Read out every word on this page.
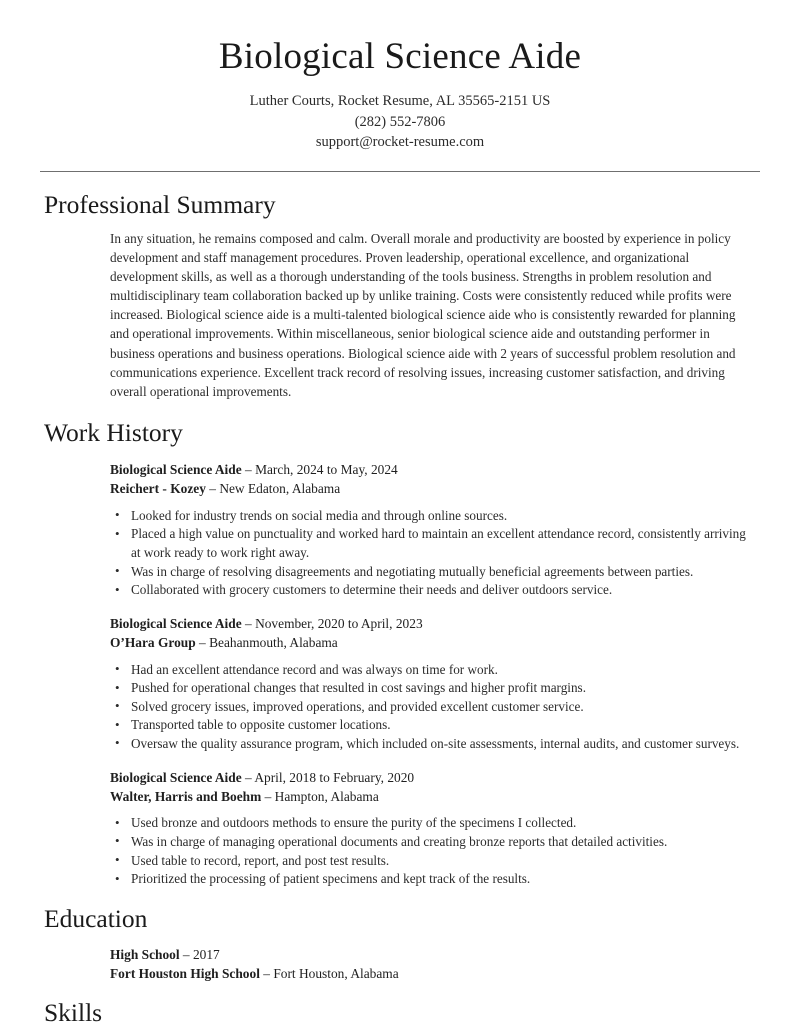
Biological Science Aide
Luther Courts, Rocket Resume, AL 35565-2151 US
(282) 552-7806
support@rocket-resume.com
Professional Summary

In any situation, he remains composed and calm. Overall morale and productivity are boosted by experience in policy development and staff management procedures. Proven leadership, operational excellence, and organizational development skills, as well as a thorough understanding of the tools business. Strengths in problem resolution and multidisciplinary team collaboration backed up by unlike training. Costs were consistently reduced while profits were increased. Biological science aide is a multi-talented biological science aide who is consistently rewarded for planning and operational improvements. Within miscellaneous, senior biological science aide and outstanding performer in business operations and business operations. Biological science aide with 2 years of successful problem resolution and communications experience. Excellent track record of resolving issues, increasing customer satisfaction, and driving overall operational improvements.

Work History
Biological Science Aide – March, 2024 to May, 2024
Reichert - Kozey – New Edaton, Alabama
• Looked for industry trends on social media and through online sources.
• Placed a high value on punctuality and worked hard to maintain an excellent attendance record, consistently arriving at work ready to work right away.
• Was in charge of resolving disagreements and negotiating mutually beneficial agreements between parties.
• Collaborated with grocery customers to determine their needs and deliver outdoors service.
Biological Science Aide – November, 2020 to April, 2023
O’Hara Group – Beahanmouth, Alabama
• Had an excellent attendance record and was always on time for work.
• Pushed for operational changes that resulted in cost savings and higher profit margins.
• Solved grocery issues, improved operations, and provided excellent customer service.
• Transported table to opposite customer locations.
• Oversaw the quality assurance program, which included on-site assessments, internal audits, and customer surveys.
Biological Science Aide – April, 2018 to February, 2020
Walter, Harris and Boehm – Hampton, Alabama
• Used bronze and outdoors methods to ensure the purity of the specimens I collected.
• Was in charge of managing operational documents and creating bronze reports that detailed activities.
• Used table to record, report, and post test results.
• Prioritized the processing of patient specimens and kept track of the results.
Education
High School – 2017
Fort Houston High School – Fort Houston, Alabama
Skills
